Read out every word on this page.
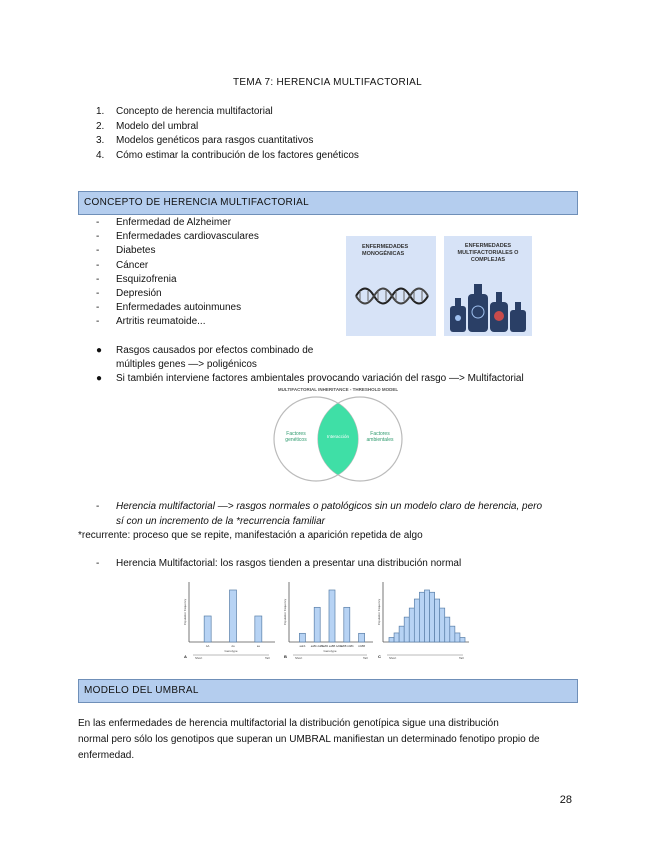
TEMA 7: HERENCIA MULTIFACTORIAL
1.	Concepto de herencia multifactorial
2.	Modelo del umbral
3.	Modelos genéticos para rasgos cuantitativos
4.	Cómo estimar la contribución de los factores genéticos
CONCEPTO DE HERENCIA MULTIFACTORIAL
-	Enfermedad de Alzheimer
-	Enfermedades cardiovasculares
-	Diabetes
-	Cáncer
-	Esquizofrenia
-	Depresión
-	Enfermedades autoinmunes
-	Artritis reumatoide...
ENFERMEDADES MONOGÉNICAS
ENFERMEDADES MULTIFACTORIALES O COMPLEJAS
●	Rasgos causados por efectos combinado de
múltiples genes —> poligénicos
●	Si también interviene factores ambientales provocando variación del rasgo —> Multifactorial
MULTIFACTORIAL INHERITANCE - THRESHOLD MODEL
Factores genéticos
Factores ambientales
Interacción
-	Herencia multifactorial —> rasgos normales o patológicos sin un modelo claro de herencia, pero
sí con un incremento de la *recurrencia familiar
*recurrente: proceso que se repite, manifestación a aparición repetida de algo
-	Herencia Multifactorial: los rasgos tienden a presentar una distribución normal
AA	Aa	aa
Population frequency
Genotype
Short	Tall
A
aabb aaBb AaBb
AaBb aaBB AAbb
AaBB AABb AABB
Population frequency
Genotype
Short	Tall
B
Population frequency
Short	Tall
C
MODELO DEL UMBRAL
En las enfermedades de herencia multifactorial la distribución genotípica sigue una distribución
normal pero sólo los genotipos que superan un UMBRAL manifiestan un determinado fenotipo propio de
enfermedad.
28
